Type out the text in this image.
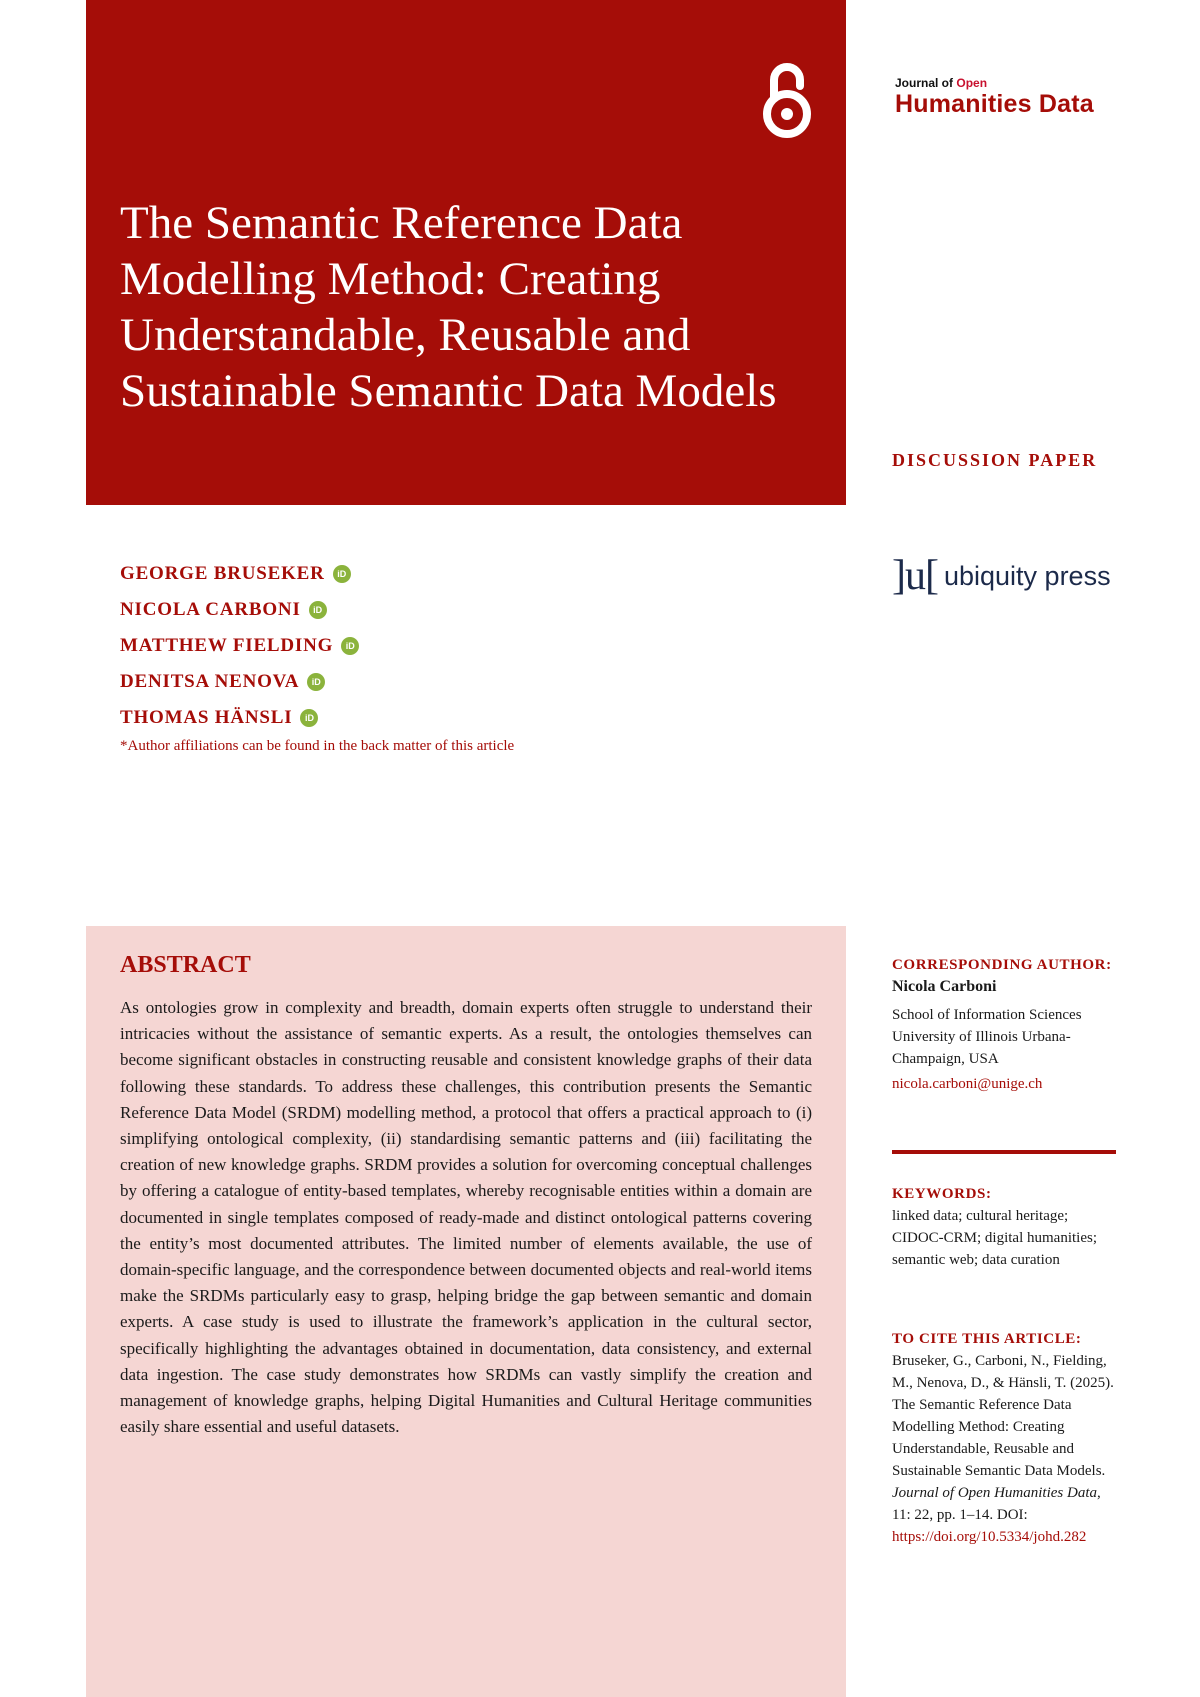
The Semantic Reference Data Modelling Method: Creating Understandable, Reusable and Sustainable Semantic Data Models
Journal of Open
Humanities Data
DISCUSSION PAPER
]u[ ubiquity press
GEORGE BRUSEKER	iD
NICOLA CARBONI	iD
MATTHEW FIELDING	iD
DENITSA NENOVA	iD
THOMAS HÄNSLI	iD
*Author affiliations can be found in the back matter of this article
ABSTRACT

As ontologies grow in complexity and breadth, domain experts often struggle to understand their intricacies without the assistance of semantic experts. As a result, the ontologies themselves can become significant obstacles in constructing reusable and consistent knowledge graphs of their data following these standards. To address these challenges, this contribution presents the Semantic Reference Data Model (SRDM) modelling method, a protocol that offers a practical approach to (i) simplifying ontological complexity, (ii) standardising semantic patterns and (iii) facilitating the creation of new knowledge graphs. SRDM provides a solution for overcoming conceptual challenges by offering a catalogue of entity-based templates, whereby recognisable entities within a domain are documented in single templates composed of ready-made and distinct ontological patterns covering the entity’s most documented attributes. The limited number of elements available, the use of domain-specific language, and the correspondence between documented objects and real-world items make the SRDMs particularly easy to grasp, helping bridge the gap between semantic and domain experts. A case study is used to illustrate the framework’s application in the cultural sector, specifically highlighting the advantages obtained in documentation, data consistency, and external data ingestion. The case study demonstrates how SRDMs can vastly simplify the creation and management of knowledge graphs, helping Digital Humanities and Cultural Heritage communities easily share essential and useful datasets.

CORRESPONDING AUTHOR:
Nicola Carboni
School of Information Sciences University of Illinois Urbana-Champaign, USA
nicola.carboni@unige.ch
KEYWORDS:
linked data; cultural heritage; CIDOC-CRM; digital humanities; semantic web; data curation
TO CITE THIS ARTICLE:
Bruseker, G., Carboni, N., Fielding, M., Nenova, D., & Hänsli, T. (2025). The Semantic Reference Data Modelling Method: Creating Understandable, Reusable and Sustainable Semantic Data Models. Journal of Open Humanities Data, 11: 22, pp. 1–14. DOI: https://doi.org/10.5334/johd.282
